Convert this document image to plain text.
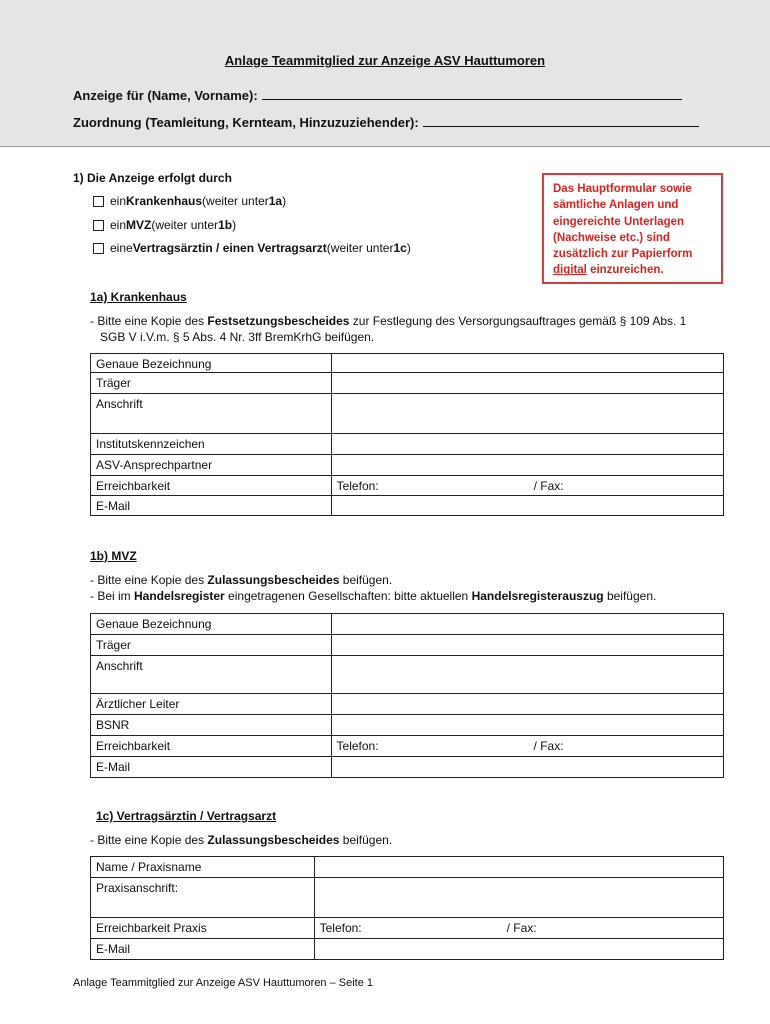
Anlage Teammitglied zur Anzeige ASV Hauttumoren
Anzeige für (Name, Vorname):
Zuordnung (Teamleitung, Kernteam, Hinzuzuziehender):
1) Die Anzeige erfolgt durch
ein Krankenhaus (weiter unter 1a )
ein MVZ (weiter unter 1b )
eine Vertragsärztin / einen Vertragsarzt (weiter unter 1c )
Das Hauptformular sowie sämtliche Anlagen und eingereichte Unterlagen (Nachweise etc.) sind zusätzlich zur Papierform digital einzureichen.
1a) Krankenhaus
- Bitte eine Kopie des Festsetzungsbescheides zur Festlegung des Versorgungsauftrages gemäß § 109 Abs. 1
SGB V i.V.m. § 5 Abs. 4 Nr. 3ff BremKrhG beifügen.
Genaue Bezeichnung	
Träger	
Anschrift	
Institutskennzeichen	
ASV-Ansprechpartner	
Erreichbarkeit	Telefon: / Fax:
E-Mail	
1b) MVZ
- Bitte eine Kopie des Zulassungsbescheides beifügen.
- Bei im Handelsregister eingetragenen Gesellschaften: bitte aktuellen Handelsregisterauszug beifügen.
Genaue Bezeichnung	
Träger	
Anschrift	
Ärztlicher Leiter	
BSNR	
Erreichbarkeit	Telefon: / Fax:
E-Mail	
1c) Vertragsärztin / Vertragsarzt
- Bitte eine Kopie des Zulassungsbescheides beifügen.
Name / Praxisname	
Praxisanschrift:	
Erreichbarkeit Praxis	Telefon: / Fax:
E-Mail	
Anlage Teammitglied zur Anzeige ASV Hauttumoren – Seite 1
